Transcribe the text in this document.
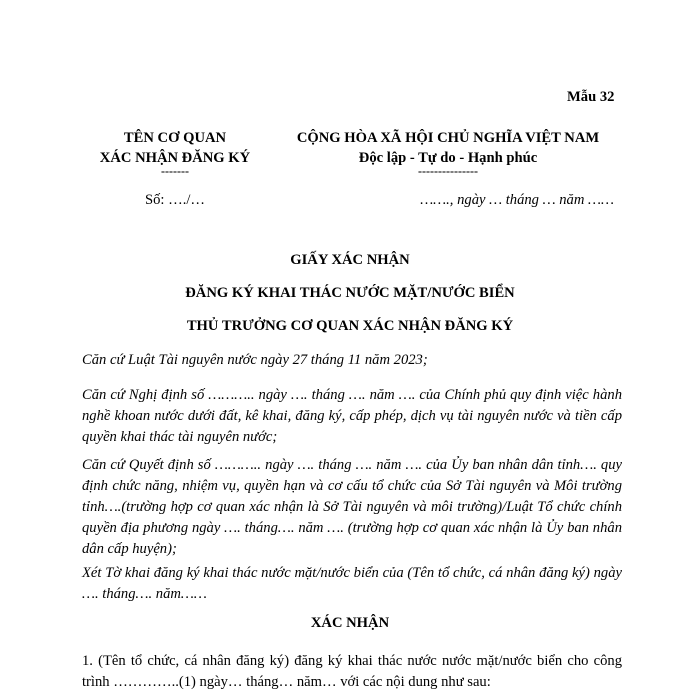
Mẫu 32
TÊN CƠ QUAN
XÁC NHẬN ĐĂNG KÝ
-------
Số: …./…
CỘNG HÒA XÃ HỘI CHỦ NGHĨA VIỆT NAM
Độc lập - Tự do - Hạnh phúc
---------------
……., ngày … tháng … năm ……
GIẤY XÁC NHẬN
ĐĂNG KÝ KHAI THÁC NƯỚC MẶT/NƯỚC BIỂN
THỦ TRƯỞNG CƠ QUAN XÁC NHẬN ĐĂNG KÝ
Căn cứ Luật Tài nguyên nước ngày 27 tháng 11 năm 2023;
Căn cứ Nghị định số ……….. ngày …. tháng …. năm …. của Chính phủ quy định việc hành nghề khoan nước dưới đất, kê khai, đăng ký, cấp phép, dịch vụ tài nguyên nước và tiền cấp quyền khai thác tài nguyên nước;
Căn cứ Quyết định số ……….. ngày …. tháng …. năm …. của Ủy ban nhân dân tỉnh…. quy định chức năng, nhiệm vụ, quyền hạn và cơ cấu tổ chức của Sở Tài nguyên và Môi trường tỉnh….(trường hợp cơ quan xác nhận là Sở Tài nguyên và môi trường)/Luật Tổ chức chính quyền địa phương ngày …. tháng…. năm …. (trường hợp cơ quan xác nhận là Ủy ban nhân dân cấp huyện);
Xét Tờ khai đăng ký khai thác nước mặt/nước biển của (Tên tổ chức, cá nhân đăng ký) ngày …. tháng…. năm……
XÁC NHẬN
1. (Tên tổ chức, cá nhân đăng ký) đăng ký khai thác nước nước mặt/nước biển cho công trình …………..(1) ngày… tháng… năm… với các nội dung như sau:
